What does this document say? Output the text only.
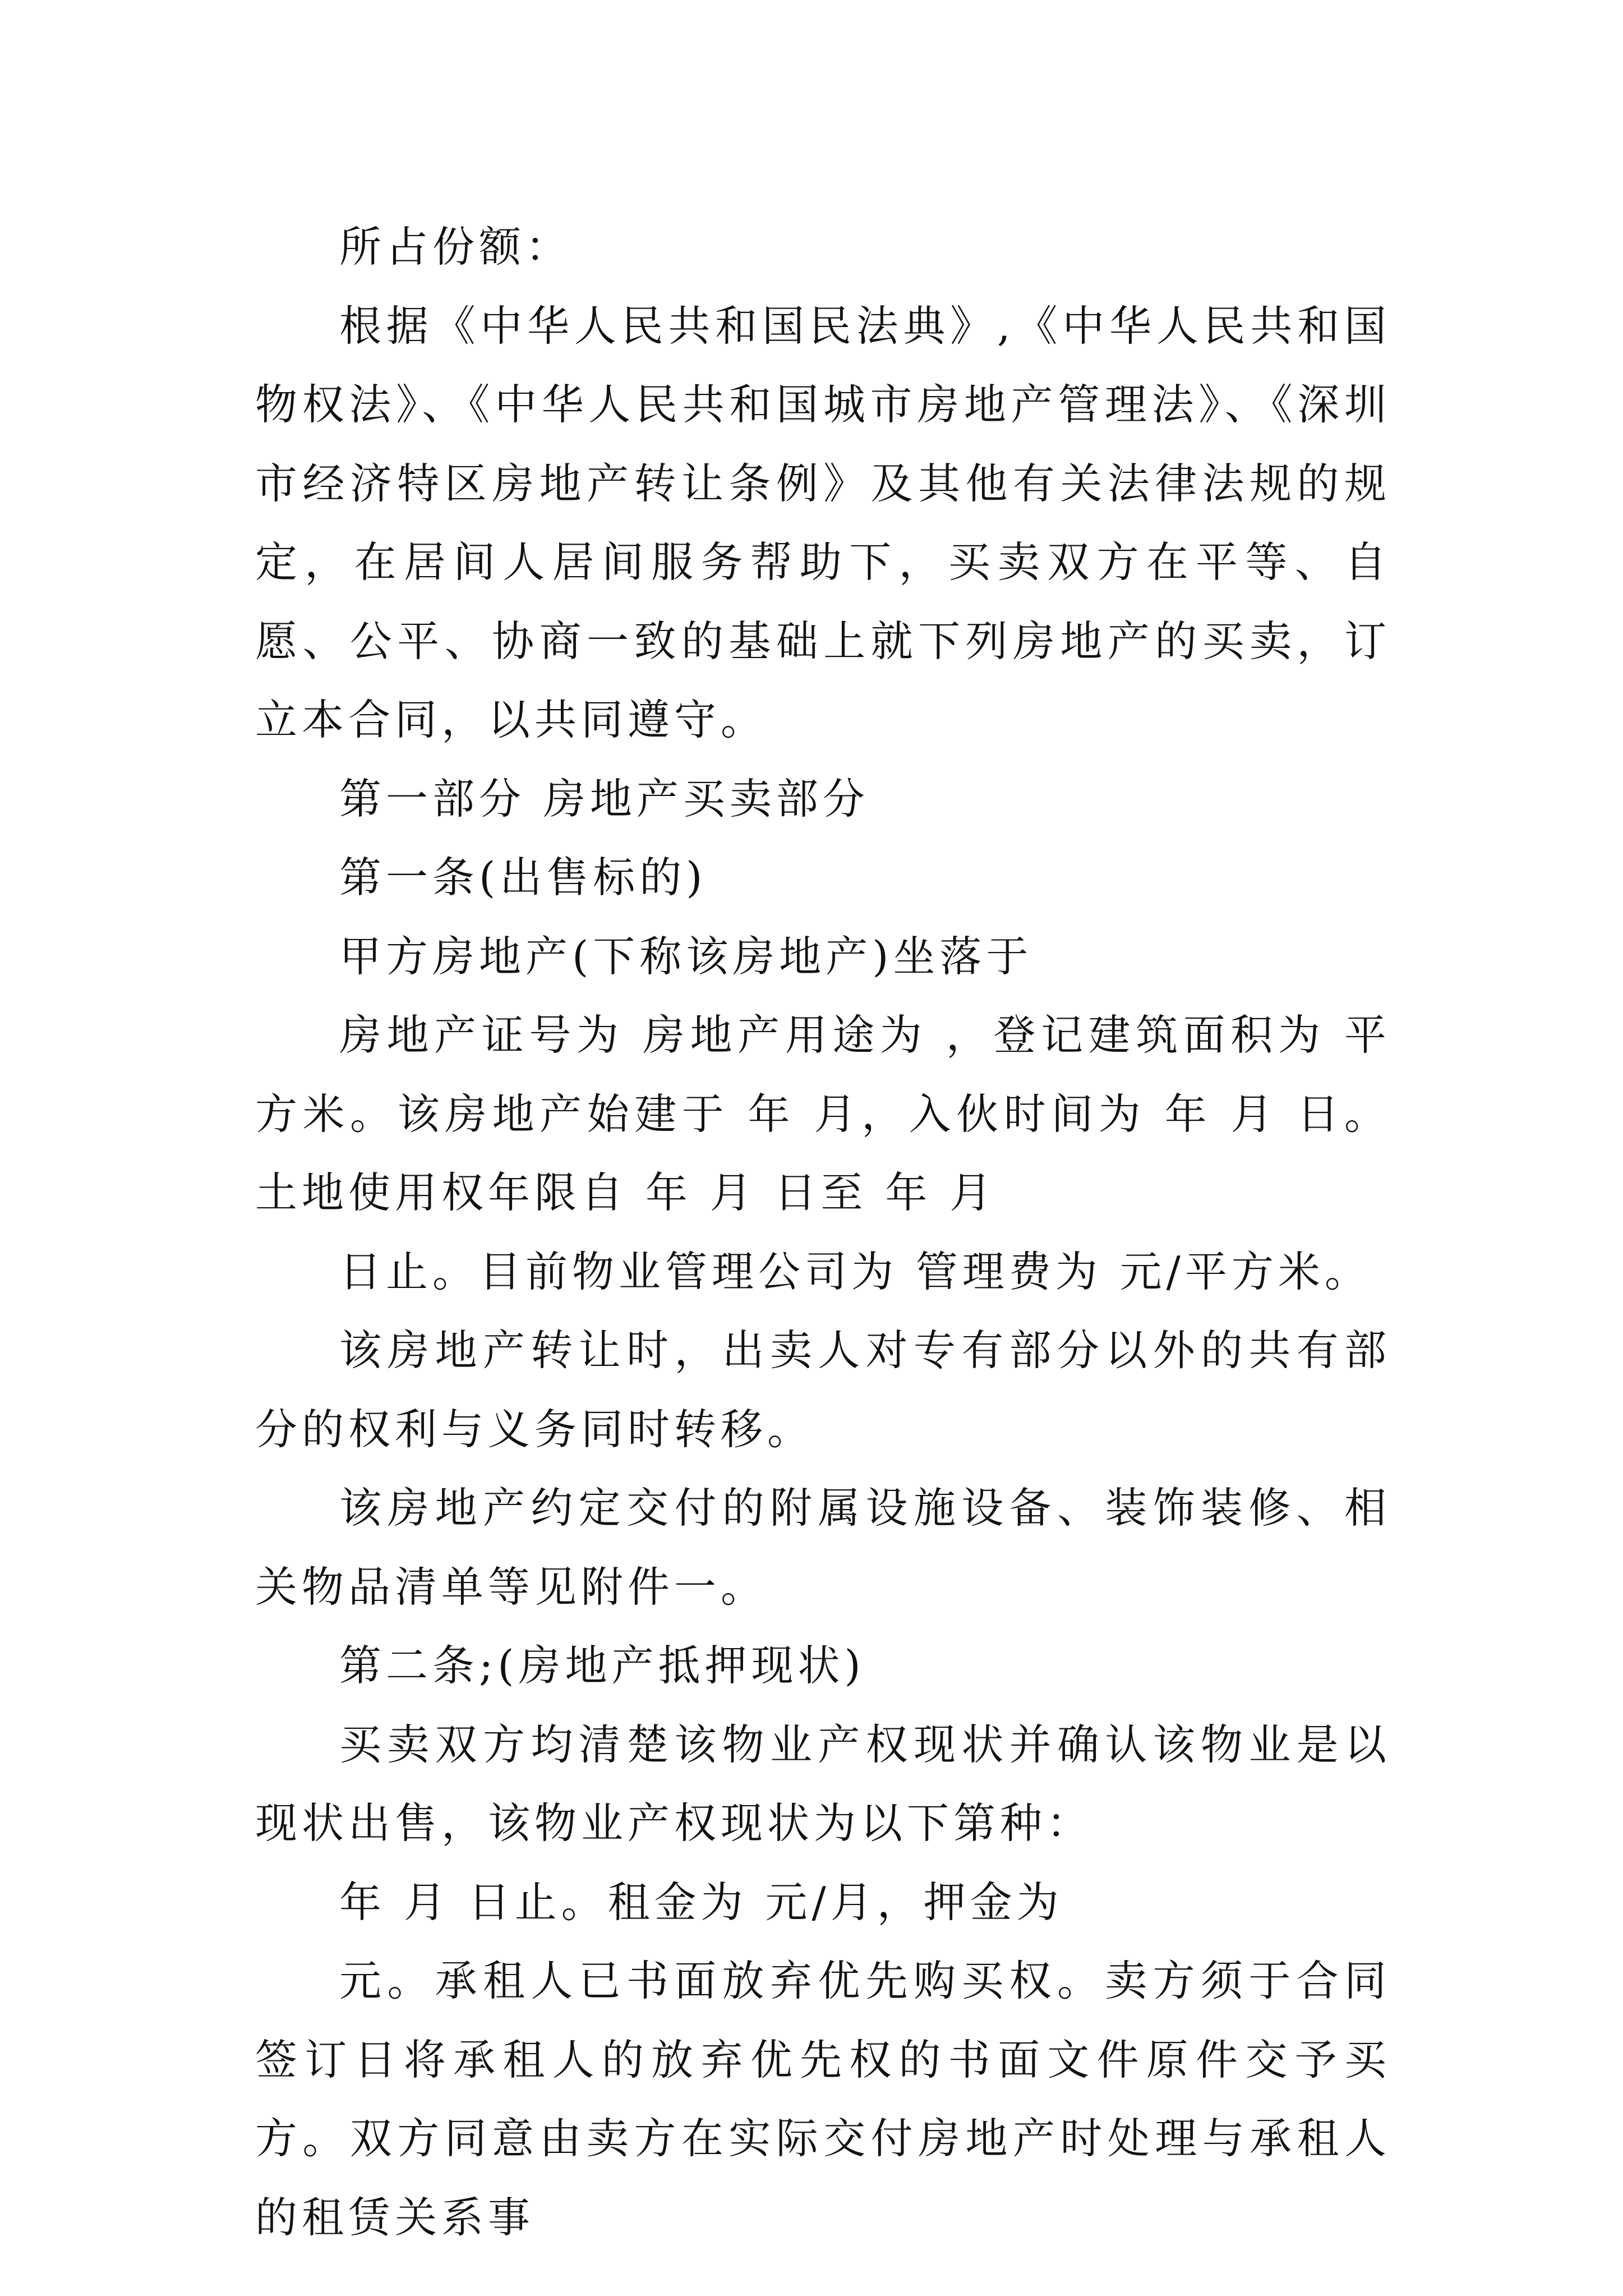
所占份额：

根据《中华人民共和国民法典》,《中华人民共和国物权法》、《中华人民共和国城市房地产管理法》、《深圳市经济特区房地产转让条例》及其他有关法律法规的规定，在居间人居间服务帮助下，买卖双方在平等、自愿、公平、协商一致的基础上就下列房地产的买卖，订立本合同，以共同遵守。

第一部分 房地产买卖部分

第一条(出售标的)

甲方房地产(下称该房地产)坐落于

房地产证号为 房地产用途为 ，登记建筑面积为 平方米。该房地产始建于 年 月，入伙时间为 年 月 日。土地使用权年限自 年 月 日至 年 月

日止。目前物业管理公司为 管理费为 元/平方米。

该房地产转让时，出卖人对专有部分以外的共有部分的权利与义务同时转移。

该房地产约定交付的附属设施设备、装饰装修、相关物品清单等见附件一。

第二条;(房地产抵押现状)

买卖双方均清楚该物业产权现状并确认该物业是以现状出售，该物业产权现状为以下第种：

年 月 日止。租金为 元/月，押金为

元。承租人已书面放弃优先购买权。卖方须于合同签订日将承租人的放弃优先权的书面文件原件交予买方。双方同意由卖方在实际交付房地产时处理与承租人的租赁关系事
